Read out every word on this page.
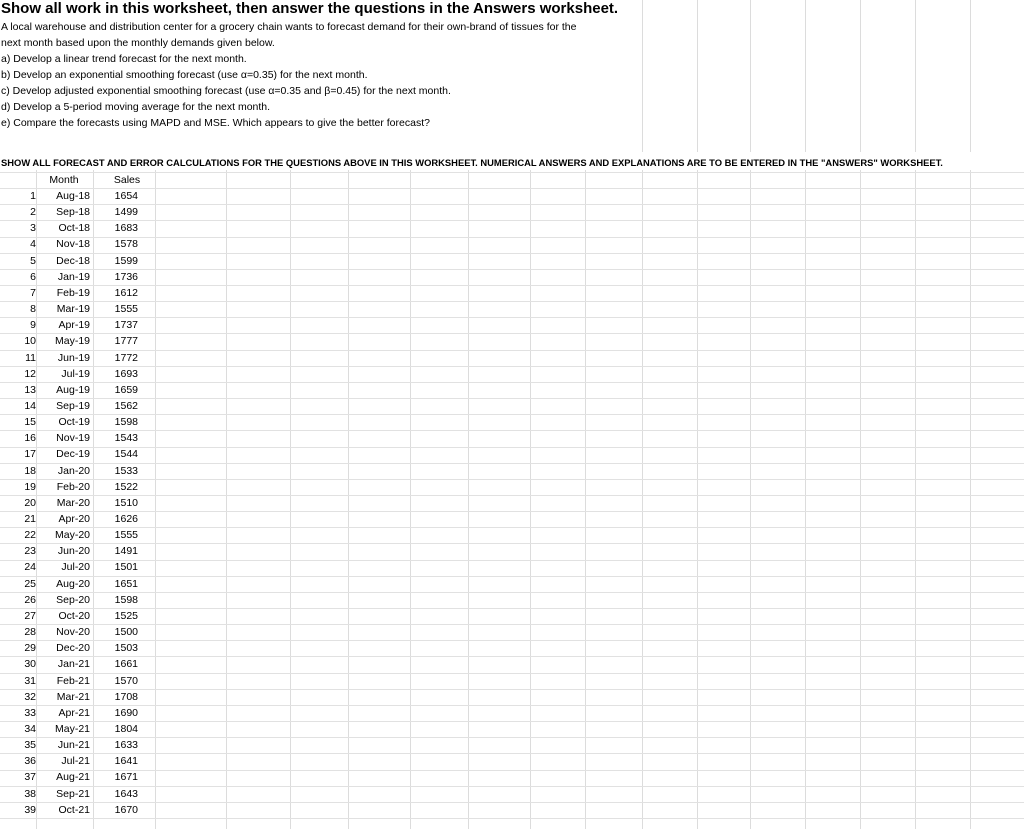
Show all work in this worksheet, then answer the questions in the Answers worksheet.
A local warehouse and distribution center for a grocery chain wants to forecast demand for their own-brand of tissues for the
next month based upon the monthly demands given below.
a) Develop a linear trend forecast for the next month.
b) Develop an exponential smoothing forecast (use α=0.35) for the next month.
c) Develop adjusted exponential smoothing forecast (use α=0.35 and β=0.45) for the next month.
d) Develop a 5-period moving average for the next month.
e) Compare the forecasts using MAPD and MSE. Which appears to give the better forecast?
SHOW ALL FORECAST AND ERROR CALCULATIONS FOR THE QUESTIONS ABOVE IN THIS WORKSHEET. NUMERICAL ANSWERS AND EXPLANATIONS ARE TO BE ENTERED IN THE "ANSWERS" WORKSHEET.
Month	Sales
1	Aug-18	1654
2	Sep-18	1499
3	Oct-18	1683
4	Nov-18	1578
5	Dec-18	1599
6	Jan-19	1736
7	Feb-19	1612
8	Mar-19	1555
9	Apr-19	1737
10	May-19	1777
11	Jun-19	1772
12	Jul-19	1693
13	Aug-19	1659
14	Sep-19	1562
15	Oct-19	1598
16	Nov-19	1543
17	Dec-19	1544
18	Jan-20	1533
19	Feb-20	1522
20	Mar-20	1510
21	Apr-20	1626
22	May-20	1555
23	Jun-20	1491
24	Jul-20	1501
25	Aug-20	1651
26	Sep-20	1598
27	Oct-20	1525
28	Nov-20	1500
29	Dec-20	1503
30	Jan-21	1661
31	Feb-21	1570
32	Mar-21	1708
33	Apr-21	1690
34	May-21	1804
35	Jun-21	1633
36	Jul-21	1641
37	Aug-21	1671
38	Sep-21	1643
39	Oct-21	1670
